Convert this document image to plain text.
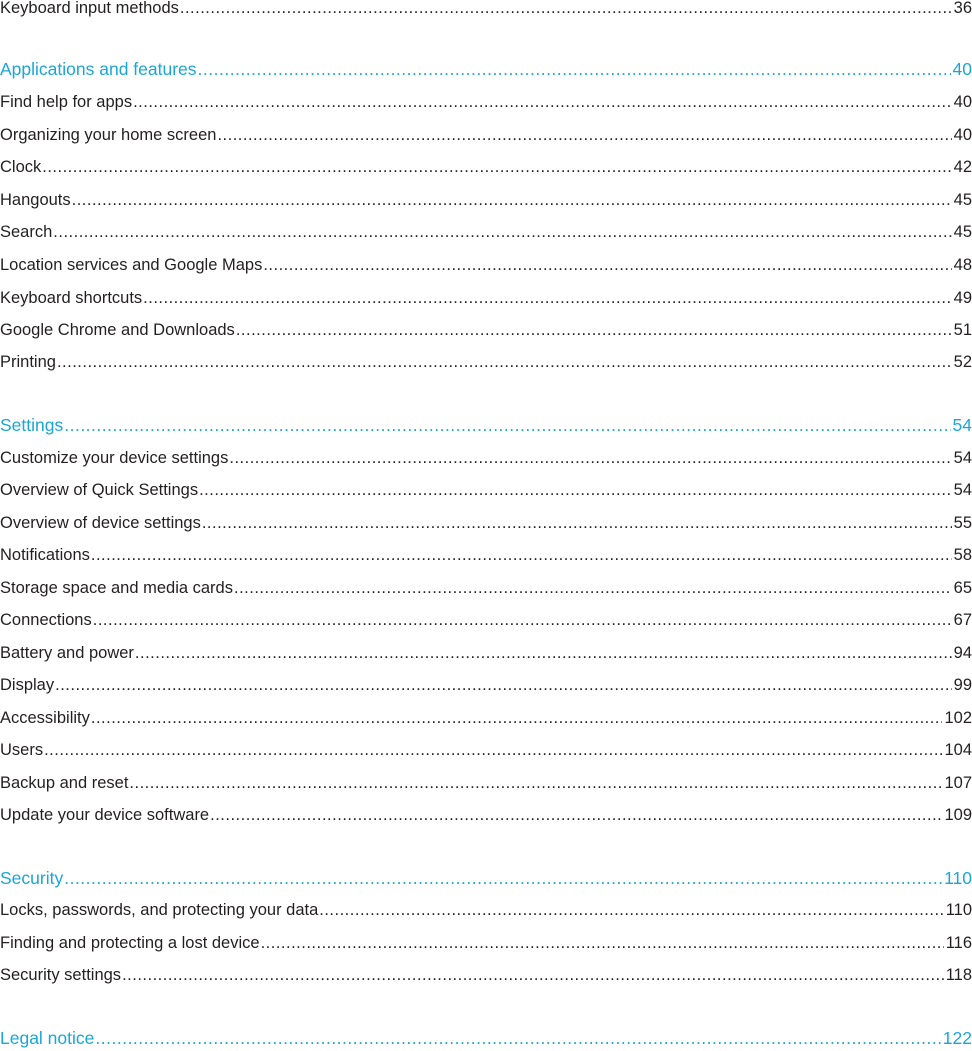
Keyboard input methods .....	36
Applications and features .....	40
Find help for apps .....	40
Organizing your home screen .....	40
Clock .....	42
Hangouts .....	45
Search .....	45
Location services and Google Maps .....	48
Keyboard shortcuts .....	49
Google Chrome and Downloads .....	51
Printing .....	52
Settings .....	54
Customize your device settings .....	54
Overview of Quick Settings .....	54
Overview of device settings .....	55
Notifications .....	58
Storage space and media cards .....	65
Connections .....	67
Battery and power .....	94
Display .....	99
Accessibility .....	102
Users .....	104
Backup and reset .....	107
Update your device software .....	109
Security .....	110
Locks, passwords, and protecting your data .....	110
Finding and protecting a lost device .....	116
Security settings .....	118
Legal notice .....	122
